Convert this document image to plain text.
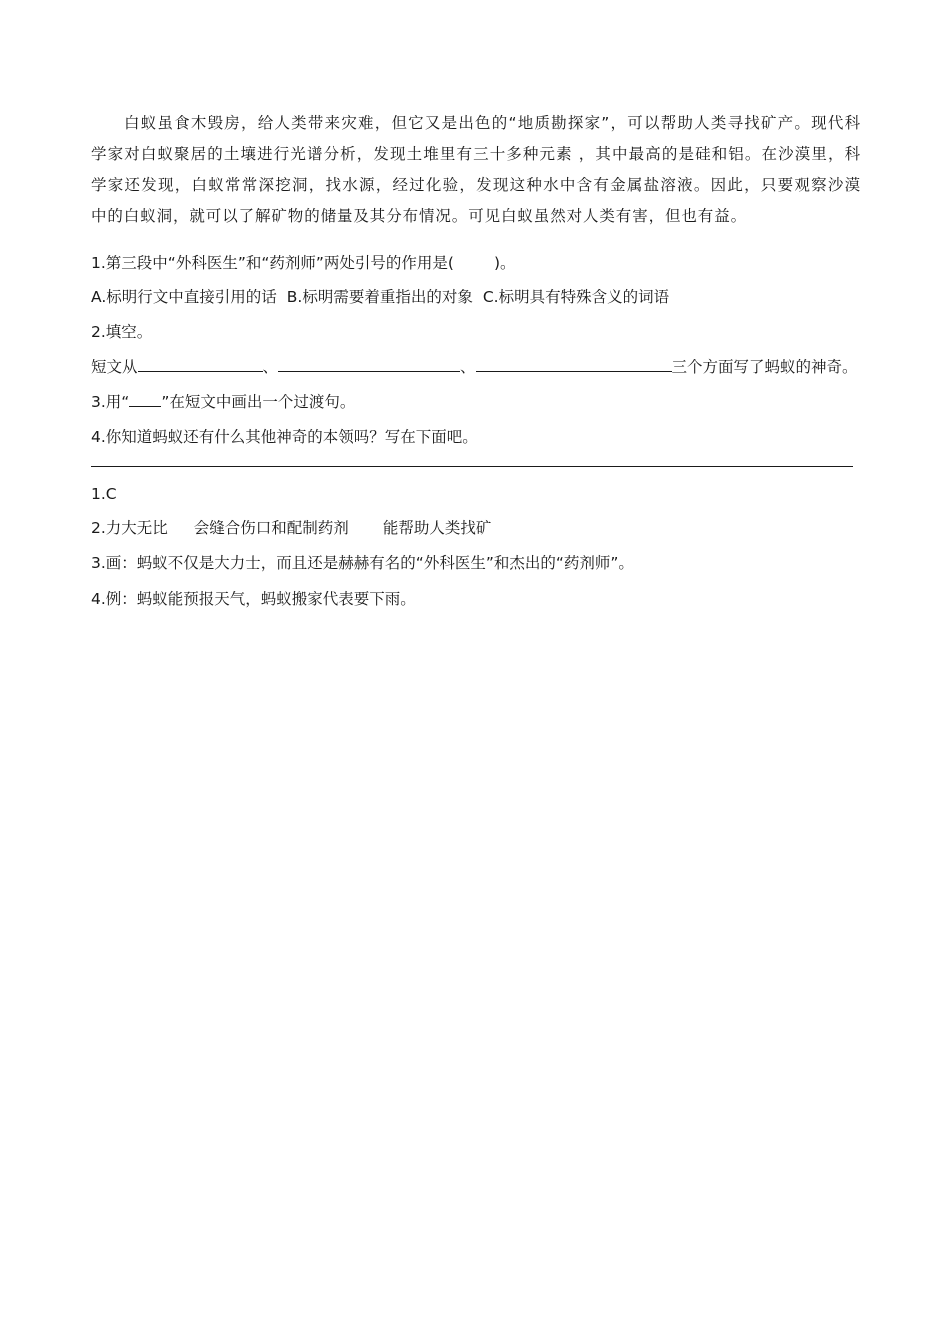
白蚁虽食木毁房，给人类带来灾难，但它又是出色的“地质勘探家”，可以帮助人类寻找矿产。现代科学家对白蚁聚居的土壤进行光谱分析，发现土堆里有三十多种元素 ，其中最高的是硅和铝。在沙漠里，科学家还发现，白蚁常常深挖洞，找水源，经过化验，发现这种水中含有金属盐溶液。因此，只要观察沙漠中的白蚁洞，就可以了解矿物的储量及其分布情况。可见白蚁虽然对人类有害，但也有益。
1.第三段中“外科医生”和“药剂师”两处引号的作用是(	)。
A.标明行文中直接引用的话 B.标明需要着重指出的对象 C.标明具有特殊含义的词语
2.填空。
短文从	、	、	三个方面写了蚂蚁的神奇。
3.用“ ”在短文中画出一个过渡句。
4.你知道蚂蚁还有什么其他神奇的本领吗？写在下面吧。
1.C
2.力大无比 会缝合伤口和配制药剂 能帮助人类找矿
3.画：蚂蚁不仅是大力士，而且还是赫赫有名的“外科医生”和杰出的“药剂师”。
4.例：蚂蚁能预报天气，蚂蚁搬家代表要下雨。
